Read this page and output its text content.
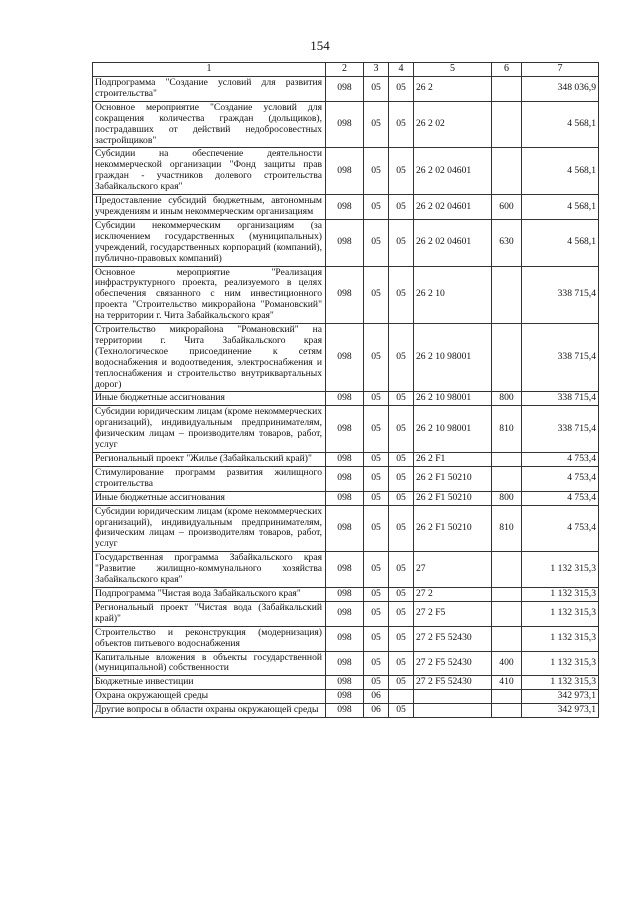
154
1	2	3	4	5	6	7
Подпрограмма "Создание условий для развития строительства"	098	05	05	26 2		348 036,9
Основное мероприятие "Создание условий для сокращения количества граждан (дольщиков), пострадавших от действий недобросовестных застройщиков"	098	05	05	26 2 02		4 568,1
Субсидии на обеспечение деятельности некоммерческой организации "Фонд защиты прав граждан - участников долевого строительства Забайкальского края"	098	05	05	26 2 02 04601		4 568,1
Предоставление субсидий бюджетным, автономным учреждениям и иным некоммерческим организациям	098	05	05	26 2 02 04601	600	4 568,1
Субсидии некоммерческим организациям (за исключением государственных (муниципальных) учреждений, государственных корпораций (компаний), публично-правовых компаний)	098	05	05	26 2 02 04601	630	4 568,1
Основное мероприятие "Реализация инфраструктурного проекта, реализуемого в целях обеспечения связанного с ним инвестиционного проекта "Строительство микрорайона "Романовский" на территории г. Чита Забайкальского края"	098	05	05	26 2 10		338 715,4
Строительство микрорайона "Романовский" на территории г. Чита Забайкальского края (Технологическое присоединение к сетям водоснабжения и водоотведения, электроснабжения и теплоснабжения и строительство внутриквартальных дорог)	098	05	05	26 2 10 98001		338 715,4
Иные бюджетные ассигнования	098	05	05	26 2 10 98001	800	338 715,4
Субсидии юридическим лицам (кроме некоммерческих организаций), индивидуальным предпринимателям, физическим лицам – производителям товаров, работ, услуг	098	05	05	26 2 10 98001	810	338 715,4
Региональный проект "Жилье (Забайкальский край)"	098	05	05	26 2 F1		4 753,4
Стимулирование программ развития жилищного строительства	098	05	05	26 2 F1 50210		4 753,4
Иные бюджетные ассигнования	098	05	05	26 2 F1 50210	800	4 753,4
Субсидии юридическим лицам (кроме некоммерческих организаций), индивидуальным предпринимателям, физическим лицам – производителям товаров, работ, услуг	098	05	05	26 2 F1 50210	810	4 753,4
Государственная программа Забайкальского края "Развитие жилищно-коммунального хозяйства Забайкальского края"	098	05	05	27		1 132 315,3
Подпрограмма "Чистая вода Забайкальского края"	098	05	05	27 2		1 132 315,3
Региональный проект "Чистая вода (Забайкальский край)"	098	05	05	27 2 F5		1 132 315,3
Строительство и реконструкция (модернизация) объектов питьевого водоснабжения	098	05	05	27 2 F5 52430		1 132 315,3
Капитальные вложения в объекты государственной (муниципальной) собственности	098	05	05	27 2 F5 52430	400	1 132 315,3
Бюджетные инвестиции	098	05	05	27 2 F5 52430	410	1 132 315,3
Охрана окружающей среды	098	06				342 973,1
Другие вопросы в области охраны окружающей среды	098	06	05			342 973,1
